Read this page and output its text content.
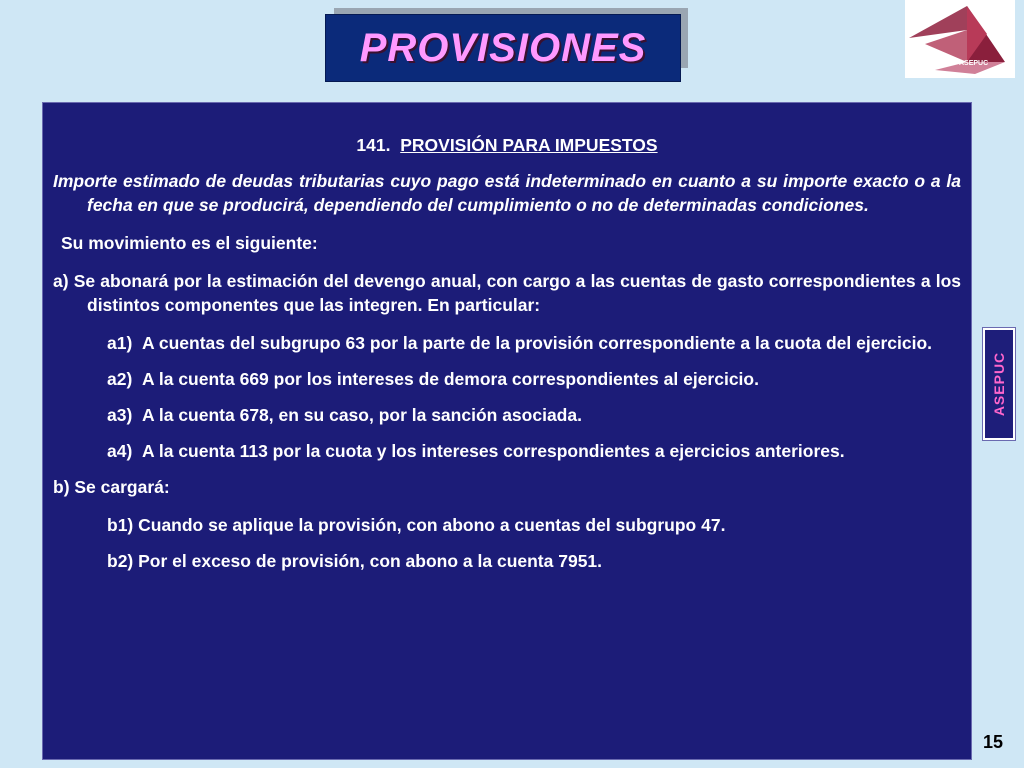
PROVISIONES	ASEPUC
141. PROVISIÓN PARA IMPUESTOS
Importe estimado de deudas tributarias cuyo pago está indeterminado en cuanto a su importe exacto o a la fecha en que se producirá, dependiendo del cumplimiento o no de determinadas condiciones.
Su movimiento es el siguiente:
a) Se abonará por la estimación del devengo anual, con cargo a las cuentas de gasto correspondientes a los distintos componentes que las integren. En particular:
a1)  A cuentas del subgrupo 63 por la parte de la provisión correspondiente a la cuota del ejercicio.
a2)  A la cuenta 669 por los intereses de demora correspondientes al ejercicio.
a3)  A la cuenta 678, en su caso, por la sanción asociada.
a4)  A la cuenta 113 por la cuota y los intereses correspondientes a ejercicios anteriores.
b) Se cargará:
b1) Cuando se aplique la provisión, con abono a cuentas del subgrupo 47.
b2) Por el exceso de provisión, con abono a la cuenta 7951.
ASEPUC
15
